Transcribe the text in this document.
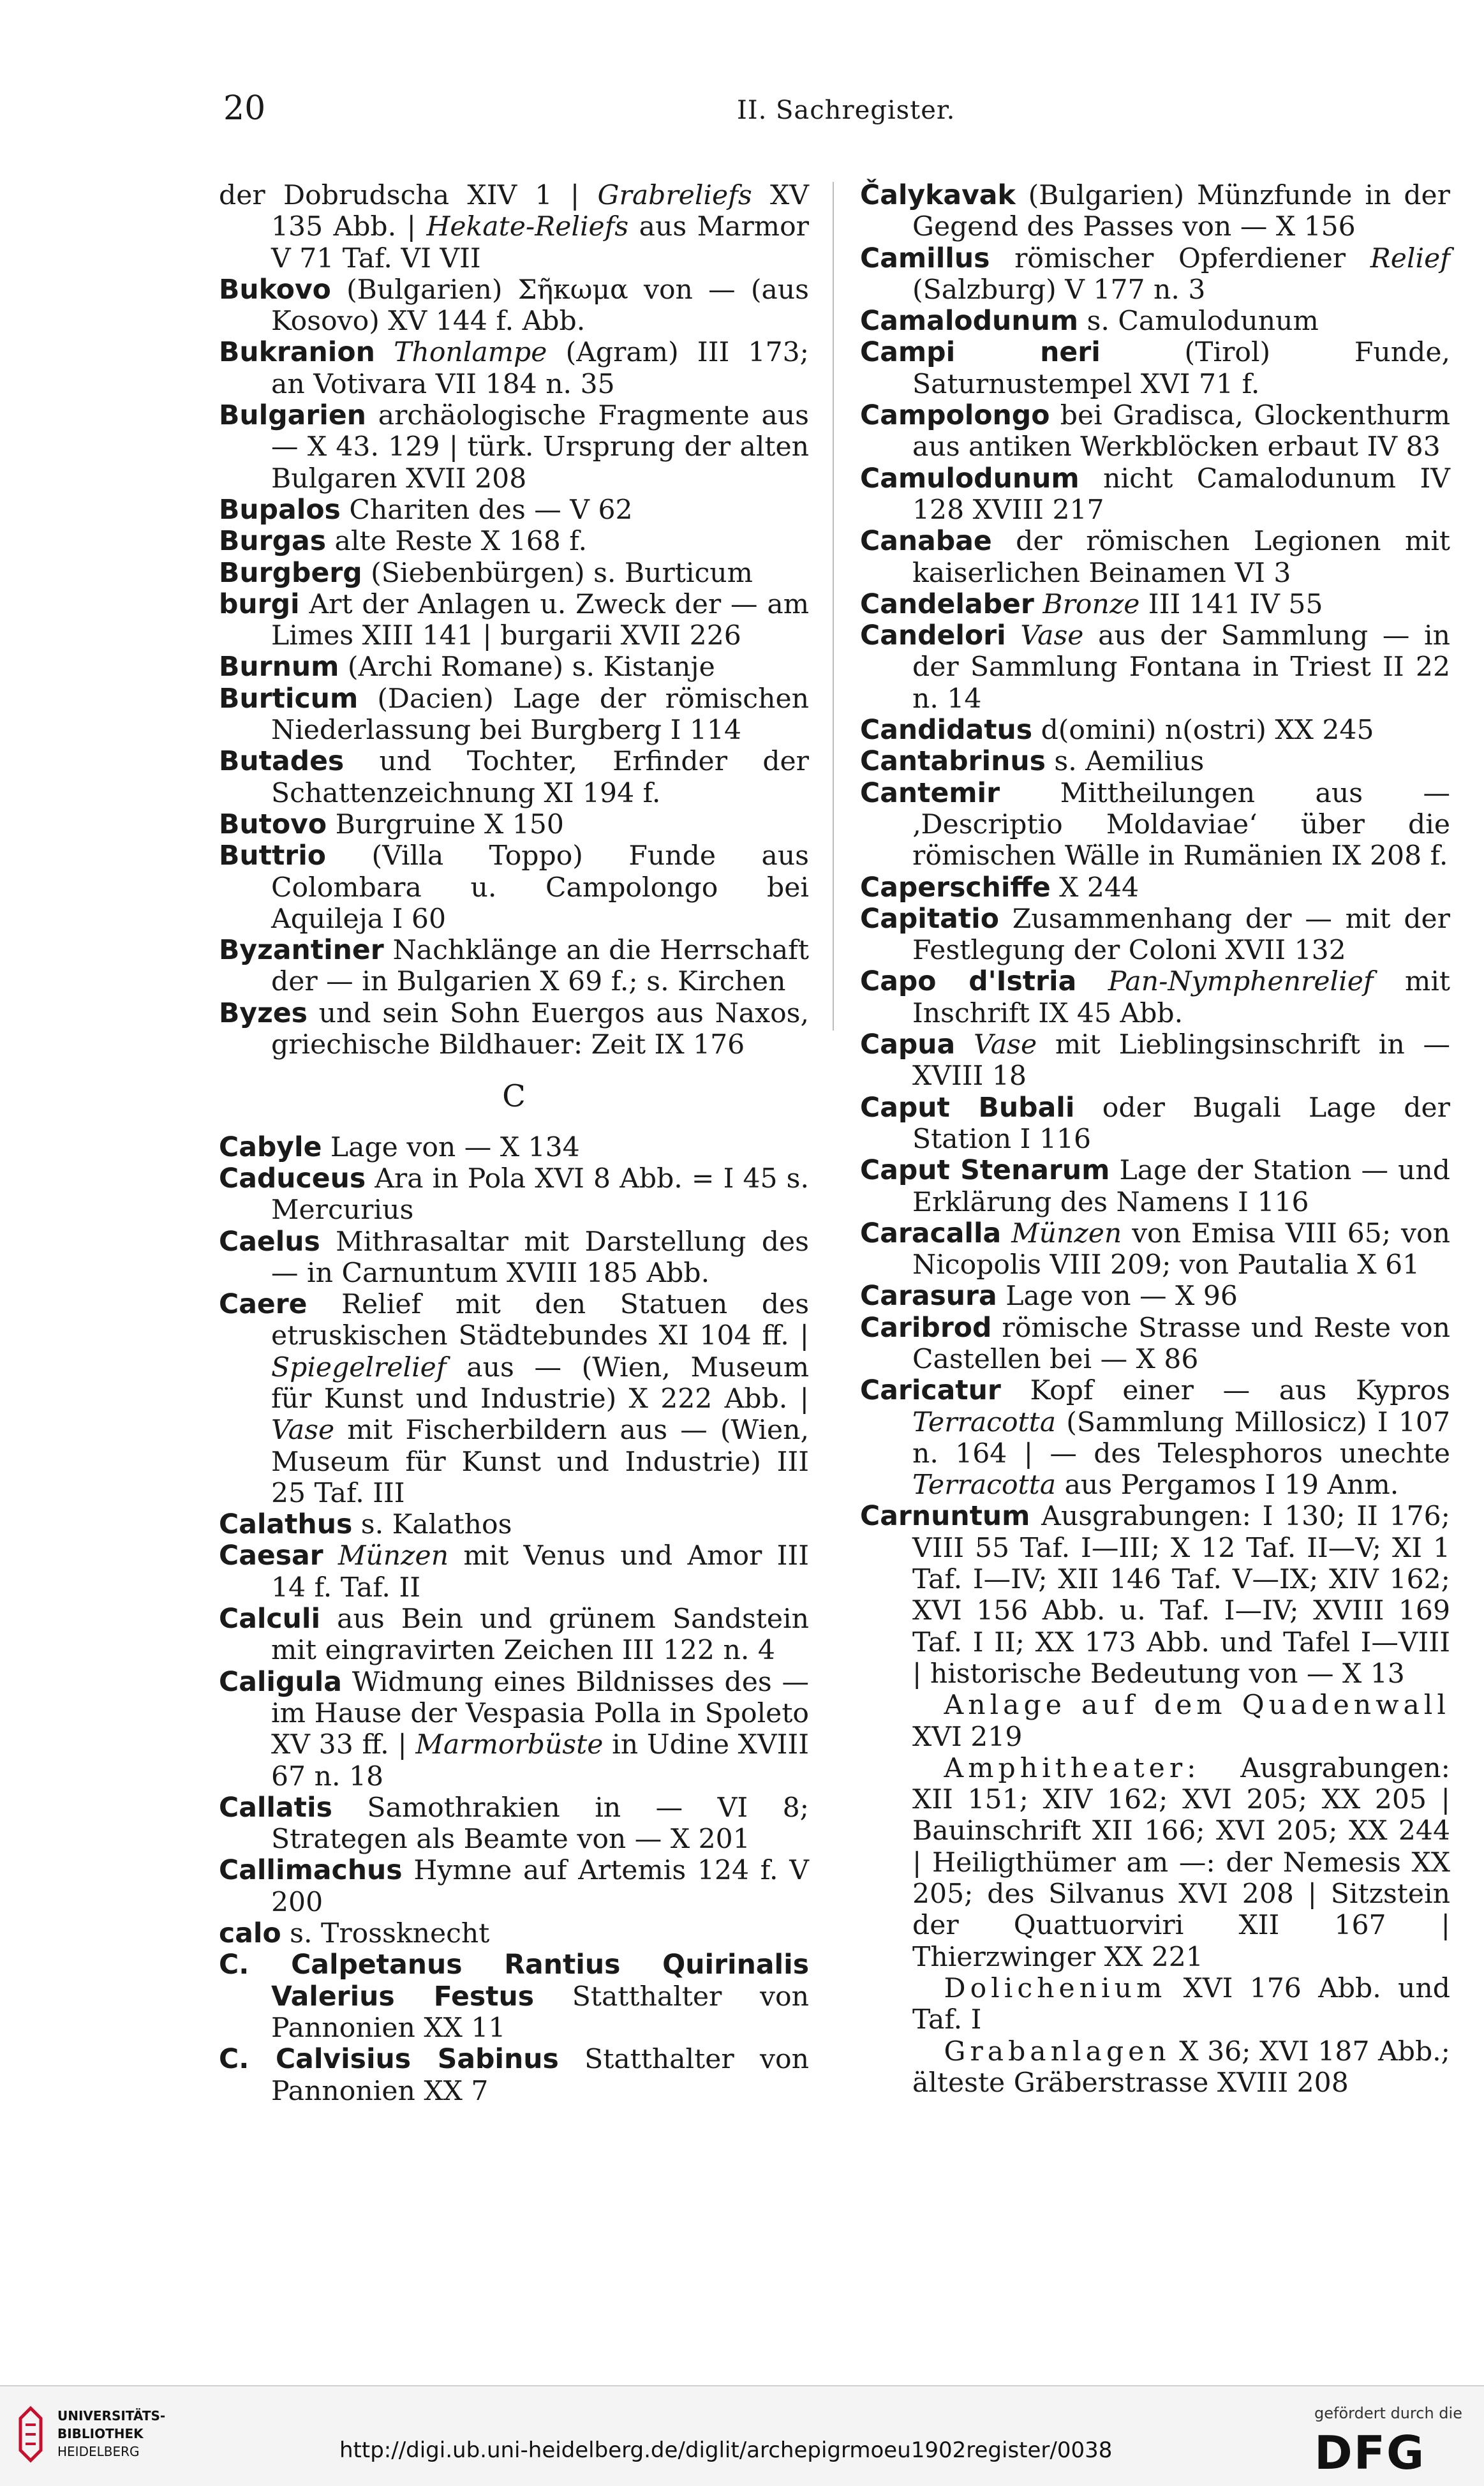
20	II. Sachregister.

der Dobrudscha XIV 1 | Grabreliefs XV 135 Abb. | Hekate-Reliefs aus Marmor V 71 Taf. VI VII

Bukovo (Bulgarien) Σῆκωμα von — (aus Kosovo) XV 144 f. Abb.

Bukranion Thonlampe (Agram) III 173; an Votivara VII 184 n. 35

Bulgarien archäologische Fragmente aus — X 43. 129 | türk. Ursprung der alten Bulgaren XVII 208

Bupalos Chariten des — V 62

Burgas alte Reste X 168 f.

Burgberg (Siebenbürgen) s. Burticum

burgi Art der Anlagen u. Zweck der — am Limes XIII 141 | burgarii XVII 226

Burnum (Archi Romane) s. Kistanje

Burticum (Dacien) Lage der römischen Niederlassung bei Burgberg I 114

Butades und Tochter, Erfinder der Schattenzeichnung XI 194 f.

Butovo Burgruine X 150

Buttrio (Villa Toppo) Funde aus Colombara u. Campolongo bei Aquileja I 60

Byzantiner Nachklänge an die Herrschaft der — in Bulgarien X 69 f.; s. Kirchen

Byzes und sein Sohn Euergos aus Naxos, griechische Bildhauer: Zeit IX 176

C

Cabyle Lage von — X 134

Caduceus Ara in Pola XVI 8 Abb. = I 45 s. Mercurius

Caelus Mithrasaltar mit Darstellung des — in Carnuntum XVIII 185 Abb.

Caere Relief mit den Statuen des etruskischen Städtebundes XI 104 ff. | Spiegelrelief aus — (Wien, Museum für Kunst und Industrie) X 222 Abb. | Vase mit Fischerbildern aus — (Wien, Museum für Kunst und Industrie) III 25 Taf. III

Calathus s. Kalathos

Caesar Münzen mit Venus und Amor III 14 f. Taf. II

Calculi aus Bein und grünem Sandstein mit eingravirten Zeichen III 122 n. 4

Caligula Widmung eines Bildnisses des — im Hause der Vespasia Polla in Spoleto XV 33 ff. | Marmorbüste in Udine XVIII 67 n. 18

Callatis Samothrakien in — VI 8; Strategen als Beamte von — X 201

Callimachus Hymne auf Artemis 124 f. V 200

calo s. Trossknecht

C. Calpetanus Rantius Quirinalis Valerius Festus Statthalter von Pannonien XX 11

C. Calvisius Sabinus Statthalter von Pannonien XX 7

Čalykavak (Bulgarien) Münzfunde in der Gegend des Passes von — X 156

Camillus römischer Opferdiener Relief (Salzburg) V 177 n. 3

Camalodunum s. Camulodunum

Campi neri (Tirol) Funde, Saturnustempel XVI 71 f.

Campolongo bei Gradisca, Glockenthurm aus antiken Werkblöcken erbaut IV 83

Camulodunum nicht Camalodunum IV 128 XVIII 217

Canabae der römischen Legionen mit kaiserlichen Beinamen VI 3

Candelaber Bronze III 141 IV 55

Candelori Vase aus der Sammlung — in der Sammlung Fontana in Triest II 22 n. 14

Candidatus d(omini) n(ostri) XX 245

Cantabrinus s. Aemilius

Cantemir Mittheilungen aus — ‚Descriptio Moldaviae‘ über die römischen Wälle in Rumänien IX 208 f.

Caperschiffe X 244

Capitatio Zusammenhang der — mit der Festlegung der Coloni XVII 132

Capo d'Istria Pan-Nymphenrelief mit Inschrift IX 45 Abb.

Capua Vase mit Lieblingsinschrift in — XVIII 18

Caput Bubali oder Bugali Lage der Station I 116

Caput Stenarum Lage der Station — und Erklärung des Namens I 116

Caracalla Münzen von Emisa VIII 65; von Nicopolis VIII 209; von Pautalia X 61

Carasura Lage von — X 96

Caribrod römische Strasse und Reste von Castellen bei — X 86

Caricatur Kopf einer — aus Kypros Terracotta (Sammlung Millosicz) I 107 n. 164 | — des Telesphoros unechte Terracotta aus Pergamos I 19 Anm.

Carnuntum Ausgrabungen: I 130; II 176; VIII 55 Taf. I—III; X 12 Taf. II—V; XI 1 Taf. I—IV; XII 146 Taf. V—IX; XIV 162; XVI 156 Abb. u. Taf. I—IV; XVIII 169 Taf. I II; XX 173 Abb. und Tafel I—VIII | historische Bedeutung von — X 13

 Anlage auf dem Quadenwall XVI 219

 Amphitheater: Ausgrabungen: XII 151; XIV 162; XVI 205; XX 205 | Bauinschrift XII 166; XVI 205; XX 244 | Heiligthümer am —: der Nemesis XX 205; des Silvanus XVI 208 | Sitzstein der Quattuorviri XII 167 | Thierzwinger XX 221

 Dolichenium XVI 176 Abb. und Taf. I

 Grabanlagen X 36; XVI 187 Abb.; älteste Gräberstrasse XVIII 208

UNIVERSITÄTS-
BIBLIOTHEK
HEIDELBERG	http://digi.ub.uni-heidelberg.de/diglit/archepigrmoeu1902register/0038
gefördert durch die
DFG
